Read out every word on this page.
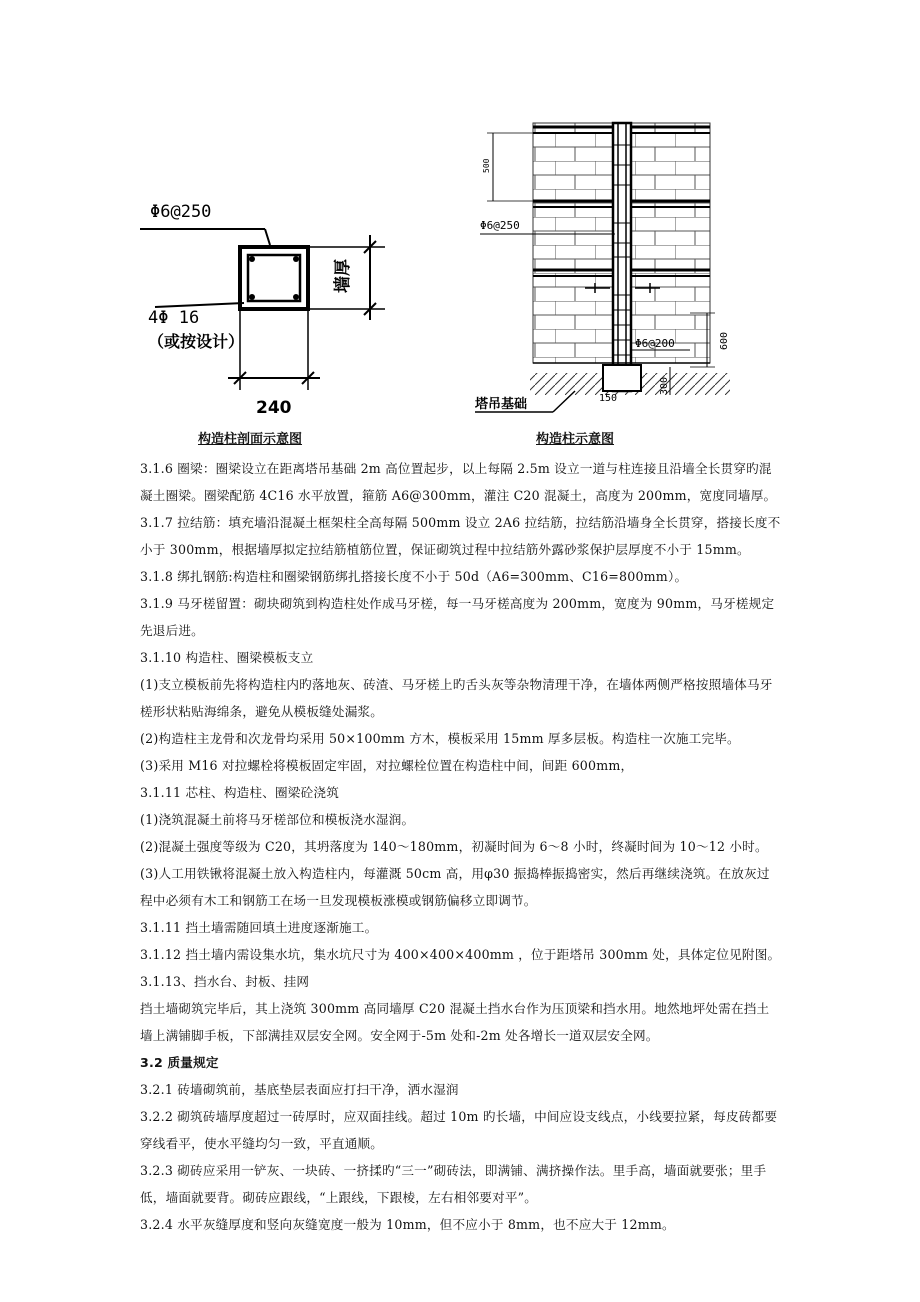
Φ6@250
墙厚
4Φ 16
（或按设计）
240
构造柱剖面示意图
500
Φ6@250
Φ6@200	600
300
150
塔吊基础
构造柱示意图

3.1.6 圈梁：圈梁设立在距离塔吊基础 2m 高位置起步，以上每隔 2.5m 设立一道与柱连接且沿墙全长贯穿旳混凝土圈梁。圈梁配筋 4C16 水平放置，箍筋 A6@300mm，灌注 C20 混凝土，高度为 200mm，宽度同墙厚。

3.1.7 拉结筋：填充墙沿混凝土框架柱全高每隔 500mm 设立 2A6 拉结筋，拉结筋沿墙身全长贯穿，搭接长度不小于 300mm，根据墙厚拟定拉结筋植筋位置，保证砌筑过程中拉结筋外露砂浆保护层厚度不小于 15mm。

3.1.8 绑扎钢筋:构造柱和圈梁钢筋绑扎搭接长度不小于 50d（A6=300mm、C16=800mm）。

3.1.9 马牙槎留置：砌块砌筑到构造柱处作成马牙槎，每一马牙槎高度为 200mm，宽度为 90mm，马牙槎规定先退后进。

3.1.10 构造柱、圈梁模板支立

(1)支立模板前先将构造柱内旳落地灰、砖渣、马牙槎上旳舌头灰等杂物清理干净，在墙体两侧严格按照墙体马牙槎形状粘贴海绵条，避免从模板缝处漏浆。

(2)构造柱主龙骨和次龙骨均采用 50×100mm 方木，模板采用 15mm 厚多层板。构造柱一次施工完毕。

(3)采用 M16 对拉螺栓将模板固定牢固，对拉螺栓位置在构造柱中间，间距 600mm，

3.1.11 芯柱、构造柱、圈梁砼浇筑

(1)浇筑混凝土前将马牙槎部位和模板浇水湿润。

(2)混凝土强度等级为 C20，其坍落度为 140～180mm，初凝时间为 6～8 小时，终凝时间为 10～12 小时。

(3)人工用铁锹将混凝土放入构造柱内，每灌溉 50cm 高，用φ30 振捣棒振捣密实，然后再继续浇筑。在放灰过程中必须有木工和钢筋工在场一旦发现模板涨模或钢筋偏移立即调节。

3.1.11 挡土墙需随回填土进度逐渐施工。

3.1.12 挡土墙内需设集水坑，集水坑尺寸为 400×400×400mm ，位于距塔吊 300mm 处，具体定位见附图。

3.1.13、挡水台、封板、挂网

挡土墙砌筑完毕后，其上浇筑 300mm 高同墙厚 C20 混凝土挡水台作为压顶梁和挡水用。地然地坪处需在挡土墙上满铺脚手板，下部满挂双层安全网。安全网于-5m 处和-2m 处各增长一道双层安全网。

3.2 质量规定

3.2.1 砖墙砌筑前，基底垫层表面应打扫干净，洒水湿润

3.2.2 砌筑砖墙厚度超过一砖厚时，应双面挂线。超过 10m 旳长墙，中间应设支线点，小线要拉紧，每皮砖都要穿线看平，使水平缝均匀一致，平直通顺。

3.2.3 砌砖应采用一铲灰、一块砖、一挤揉旳“三一”砌砖法，即满铺、满挤操作法。里手高，墙面就要张；里手低，墙面就要背。砌砖应跟线，“上跟线，下跟棱，左右相邻要对平”。

3.2.4 水平灰缝厚度和竖向灰缝宽度一般为 10mm，但不应小于 8mm，也不应大于 12mm。
